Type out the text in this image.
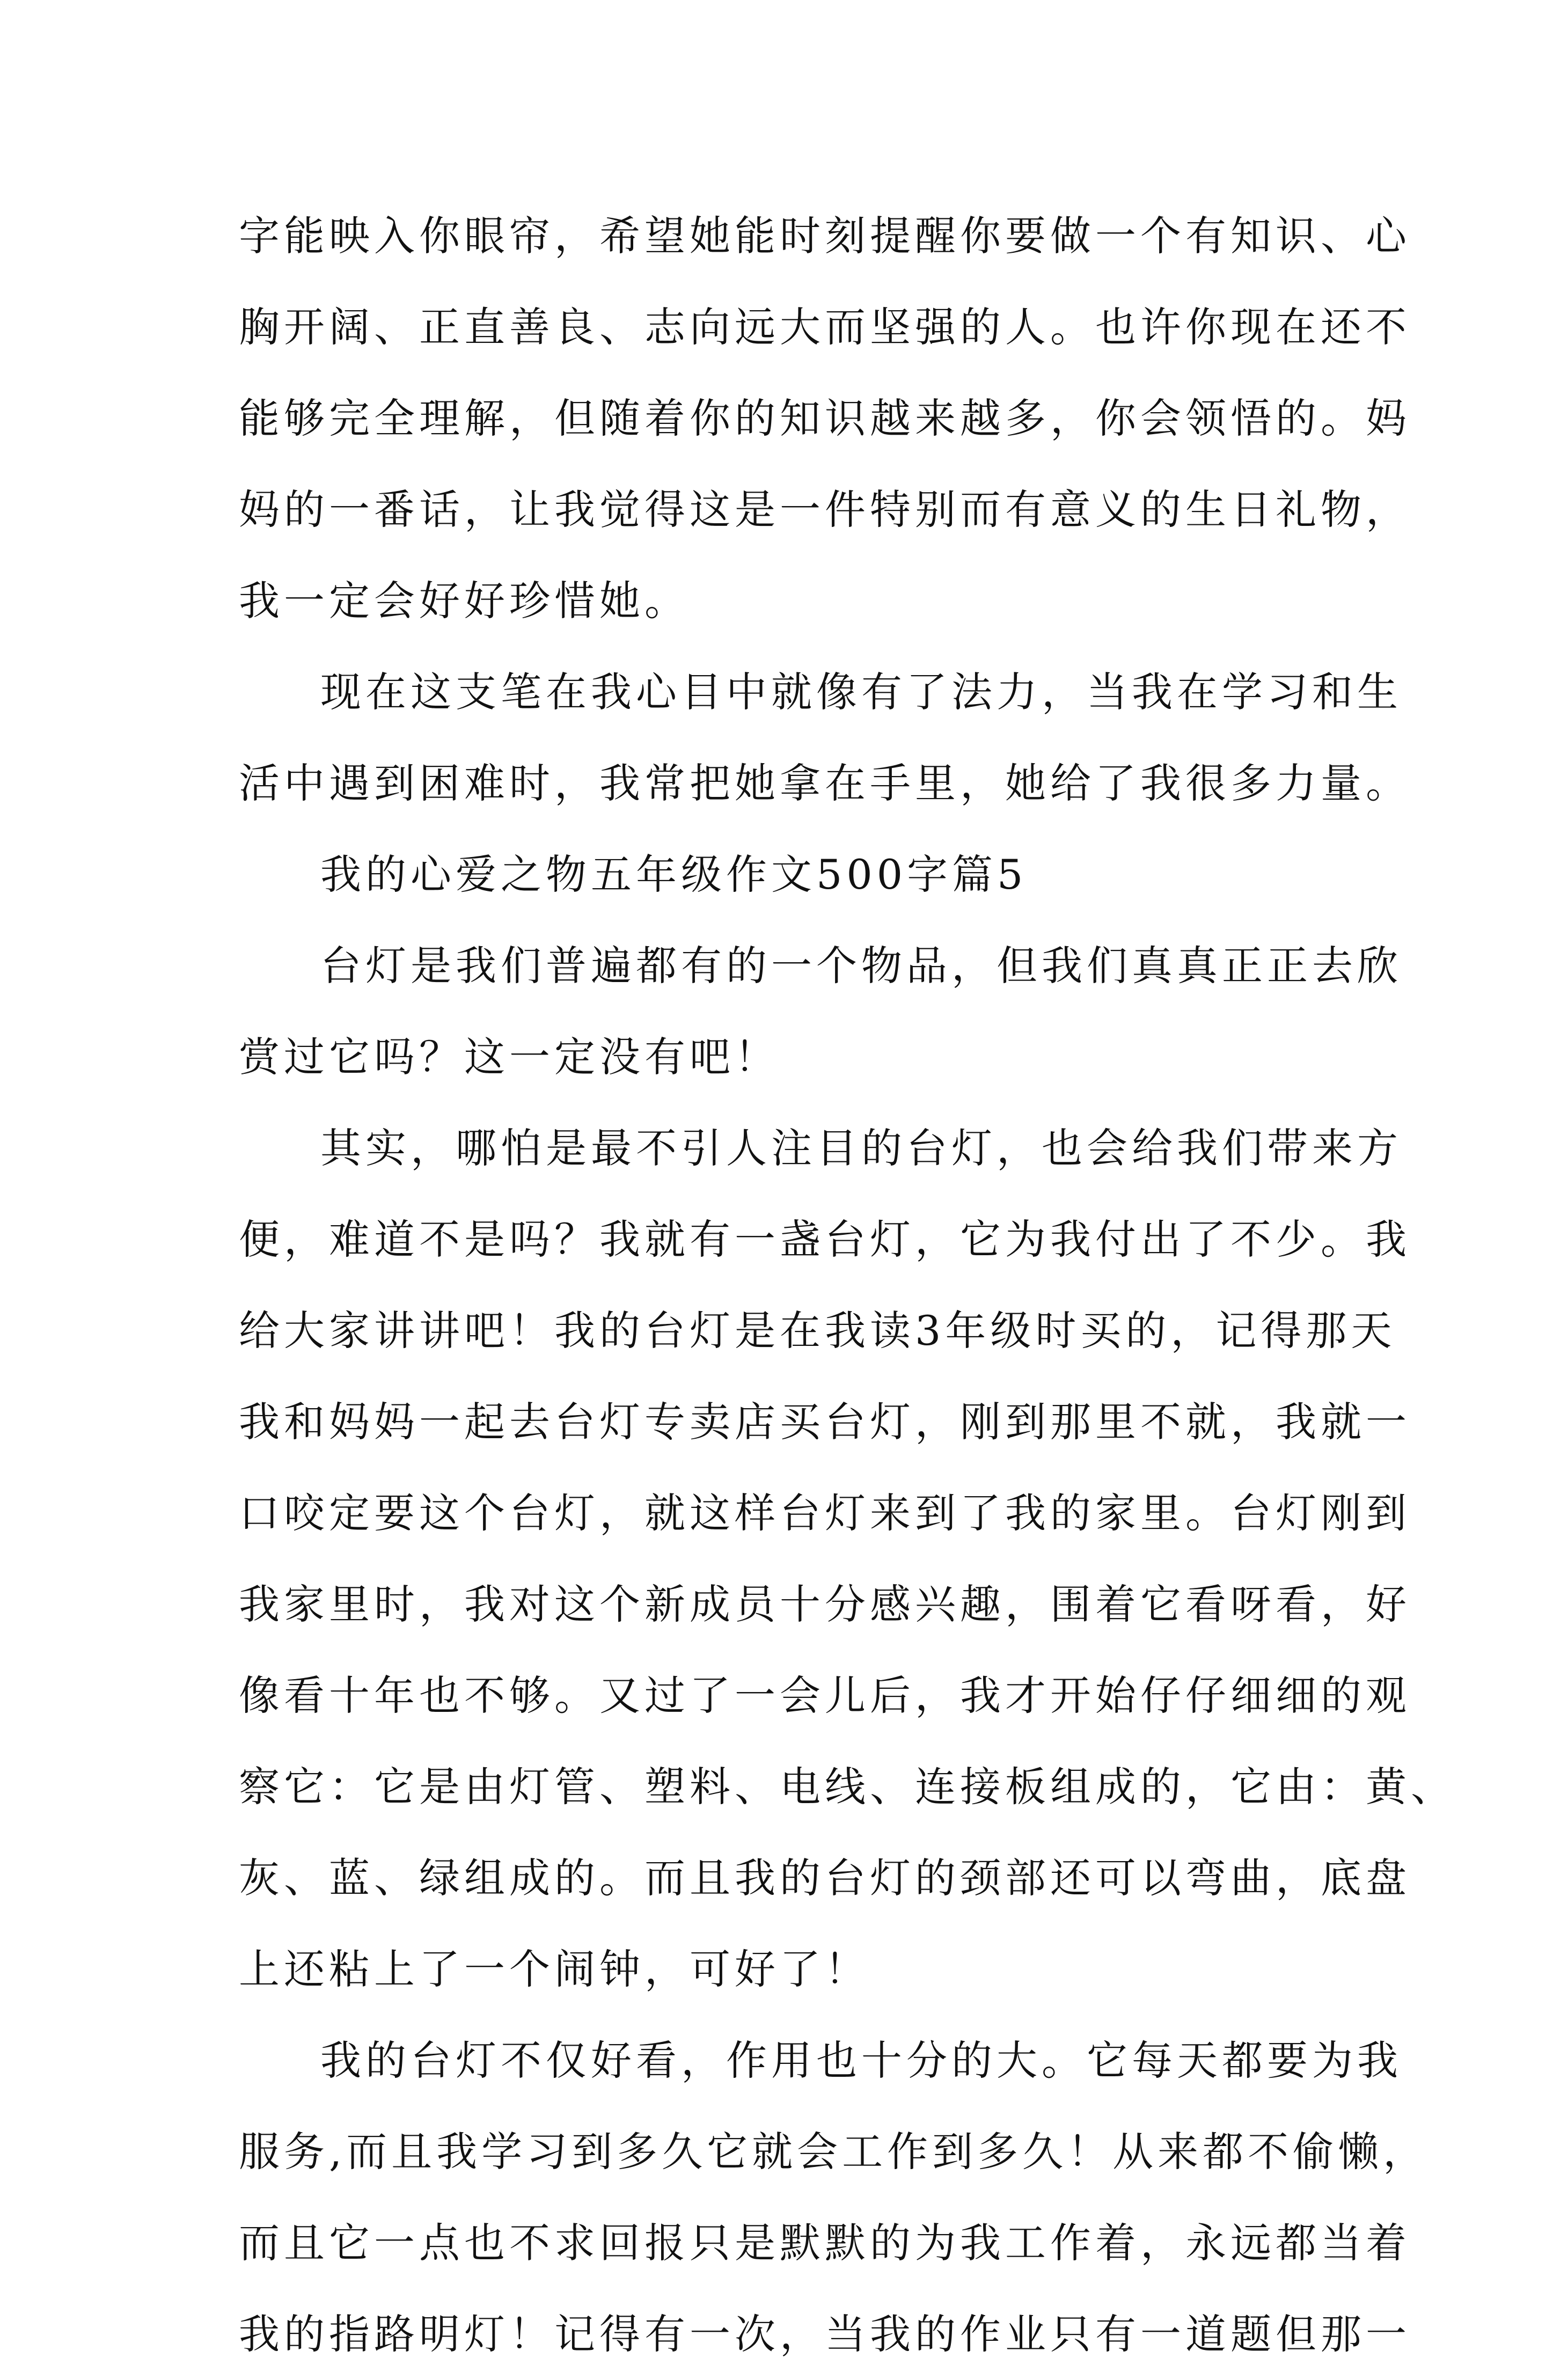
字能映入你眼帘，希望她能时刻提醒你要做一个有知识、心
胸开阔、正直善良、志向远大而坚强的人。也许你现在还不
能够完全理解，但随着你的知识越来越多，你会领悟的。妈
妈的一番话，让我觉得这是一件特别而有意义的生日礼物，
我一定会好好珍惜她。
现在这支笔在我心目中就像有了法力，当我在学习和生
活中遇到困难时，我常把她拿在手里，她给了我很多力量。
我的心爱之物五年级作文500字篇5
台灯是我们普遍都有的一个物品，但我们真真正正去欣
赏过它吗？这一定没有吧！
其实，哪怕是最不引人注目的台灯，也会给我们带来方
便，难道不是吗？我就有一盏台灯，它为我付出了不少。我
给大家讲讲吧！我的台灯是在我读3年级时买的，记得那天
我和妈妈一起去台灯专卖店买台灯，刚到那里不就，我就一
口咬定要这个台灯，就这样台灯来到了我的家里。台灯刚到
我家里时，我对这个新成员十分感兴趣，围着它看呀看，好
像看十年也不够。又过了一会儿后，我才开始仔仔细细的观
察它：它是由灯管、塑料、电线、连接板组成的，它由：黄、
灰、蓝、绿组成的。而且我的台灯的颈部还可以弯曲，底盘
上还粘上了一个闹钟，可好了！
我的台灯不仅好看，作用也十分的大。它每天都要为我
服务,而且我学习到多久它就会工作到多久！从来都不偷懒，
而且它一点也不求回报只是默默的为我工作着，永远都当着
我的指路明灯！记得有一次，当我的作业只有一道题但那一
